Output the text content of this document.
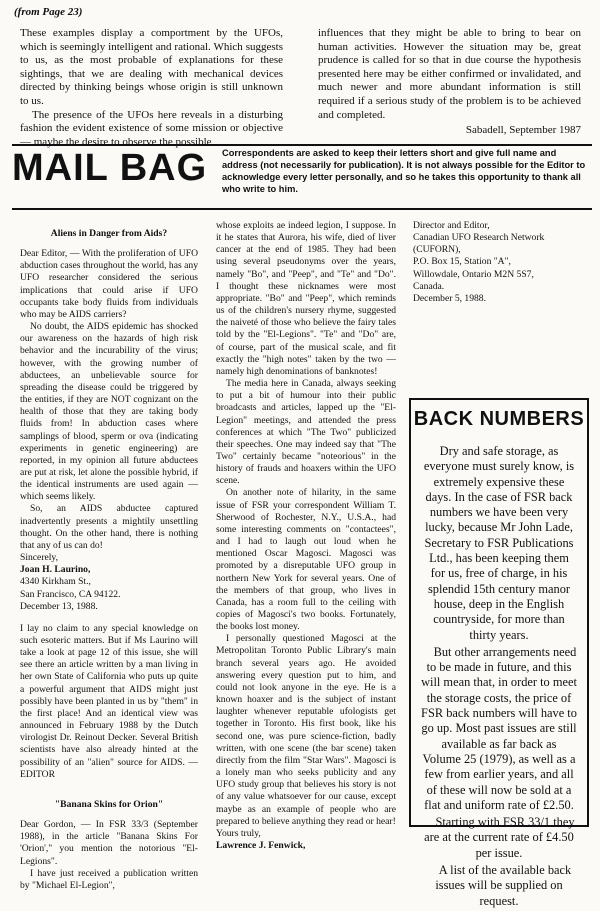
(from Page 23)

These examples display a comportment by the UFOs, which is seemingly intelligent and rational. Which suggests to us, as the most probable of explanations for these sightings, that we are dealing with mechanical devices directed by thinking beings whose origin is still unknown to us.

The presence of the UFOs here reveals in a disturbing fashion the evident existence of some mission or objective — maybe the desire to observe the possible

influences that they might be able to bring to bear on human activities. However the situation may be, great prudence is called for so that in due course the hypothesis presented here may be either confirmed or invalidated, and much newer and more abundant information is still required if a serious study of the problem is to be achieved and completed.

Sabadell, September 1987

MAIL BAG Correspondents are asked to keep their letters short and give full name and address (not necessarily for publication). It is not always possible for the Editor to acknowledge every letter personally, and so he takes this opportunity to thank all who write to him.

Aliens in Danger from Aids?

Dear Editor, — With the proliferation of UFO abduction cases throughout the world, has any UFO researcher considered the serious implications that could arise if UFO occupants take body fluids from individuals who may be AIDS carriers?

No doubt, the AIDS epidemic has shocked our awareness on the hazards of high risk behavior and the incurability of the virus; however, with the growing number of abductees, an unbelievable source for spreading the disease could be triggered by the entities, if they are NOT cognizant on the health of those that they are taking body fluids from! In abduction cases where samplings of blood, sperm or ova (indicating experiments in genetic engineering) are reported, in my opinion all future abductees are put at risk, let alone the possible hybrid, if the identical instruments are used again — which seems likely.

So, an AIDS abductee captured inadvertently presents a mightily unsettling thought. On the other hand, there is nothing that any of us can do!

Sincerely,

Joan H. Laurino,

4340 Kirkham St.,

San Francisco, CA 94122.

December 13, 1988.

I lay no claim to any special knowledge on such esoteric matters. But if Ms Laurino will take a look at page 12 of this issue, she will see there an article written by a man living in her own State of California who puts up quite a powerful argument that AIDS might just possibly have been planted in us by "them" in the first place! And an identical view was announced in February 1988 by the Dutch virologist Dr. Reinout Decker. Several British scientists have also already hinted at the possibility of an "alien" source for AIDS. — EDITOR

"Banana Skins for Orion"

Dear Gordon, — In FSR 33/3 (September 1988), in the article "Banana Skins For 'Orion'," you mention the notorious "El-Legions".

I have just received a publication written by "Michael El-Legion",

whose exploits ae indeed legion, I suppose. In it he states that Aurora, his wife, died of liver cancer at the end of 1985. They had been using several pseudonyms over the years, namely "Bo", and "Peep", and "Te" and "Do". I thought these nicknames were most appropriate. "Bo" and "Peep", which reminds us of the children's nursery rhyme, suggested the naiveté of those who believe the fairy tales told by the "El-Legions". "Te" and "Do" are, of course, part of the musical scale, and fit exactly the "high notes" taken by the two — namely high denominations of banknotes!

The media here in Canada, always seeking to put a bit of humour into their public broadcasts and articles, lapped up the "El-Legion" meetings, and attended the press conferences at which "The Two" publicized their speeches. One may indeed say that "The Two" certainly became "noteorious" in the history of frauds and hoaxers within the UFO scene.

On another note of hilarity, in the same issue of FSR your correspondent William T. Sherwood of Rochester, N.Y., U.S.A., had some interesting comments on "contactees", and I had to laugh out loud when he mentioned Oscar Magosci. Magosci was promoted by a disreputable UFO group in northern New York for several years. One of the members of that group, who lives in Canada, has a room full to the ceiling with copies of Magosci's two books. Fortunately, the books lost money.

I personally questioned Magosci at the Metropolitan Toronto Public Library's main branch several years ago. He avoided answering every question put to him, and could not look anyone in the eye. He is a known hoaxer and is the subject of instant laughter whenever reputable ufologists get together in Toronto. His first book, like his second one, was pure science-fiction, badly written, with one scene (the bar scene) taken directly from the film "Star Wars". Magosci is a lonely man who seeks publicity and any UFO study group that believes his story is not of any value whatsoever for our cause, except maybe as an example of people who are prepared to believe anything they read or hear!

Yours truly,

Lawrence J. Fenwick,

Director and Editor,

Canadian UFO Research Network

(CUFORN),

P.O. Box 15, Station "A",

Willowdale, Ontario M2N 5S7,

Canada.

December 5, 1988.

BACK NUMBERS

Dry and safe storage, as everyone must surely know, is extremely expensive these days. In the case of FSR back numbers we have been very lucky, because Mr John Lade, Secretary to FSR Publications Ltd., has been keeping them for us, free of charge, in his splendid 15th century manor house, deep in the English countryside, for more than thirty years.

But other arrangements need to be made in future, and this will mean that, in order to meet the storage costs, the price of FSR back numbers will have to go up. Most past issues are still available as far back as Volume 25 (1979), as well as a few from earlier years, and all of these will now be sold at a flat and uniform rate of £2.50.

Starting with FSR 33/1 they are at the current rate of £4.50 per issue.

A list of the available back issues will be supplied on request.
